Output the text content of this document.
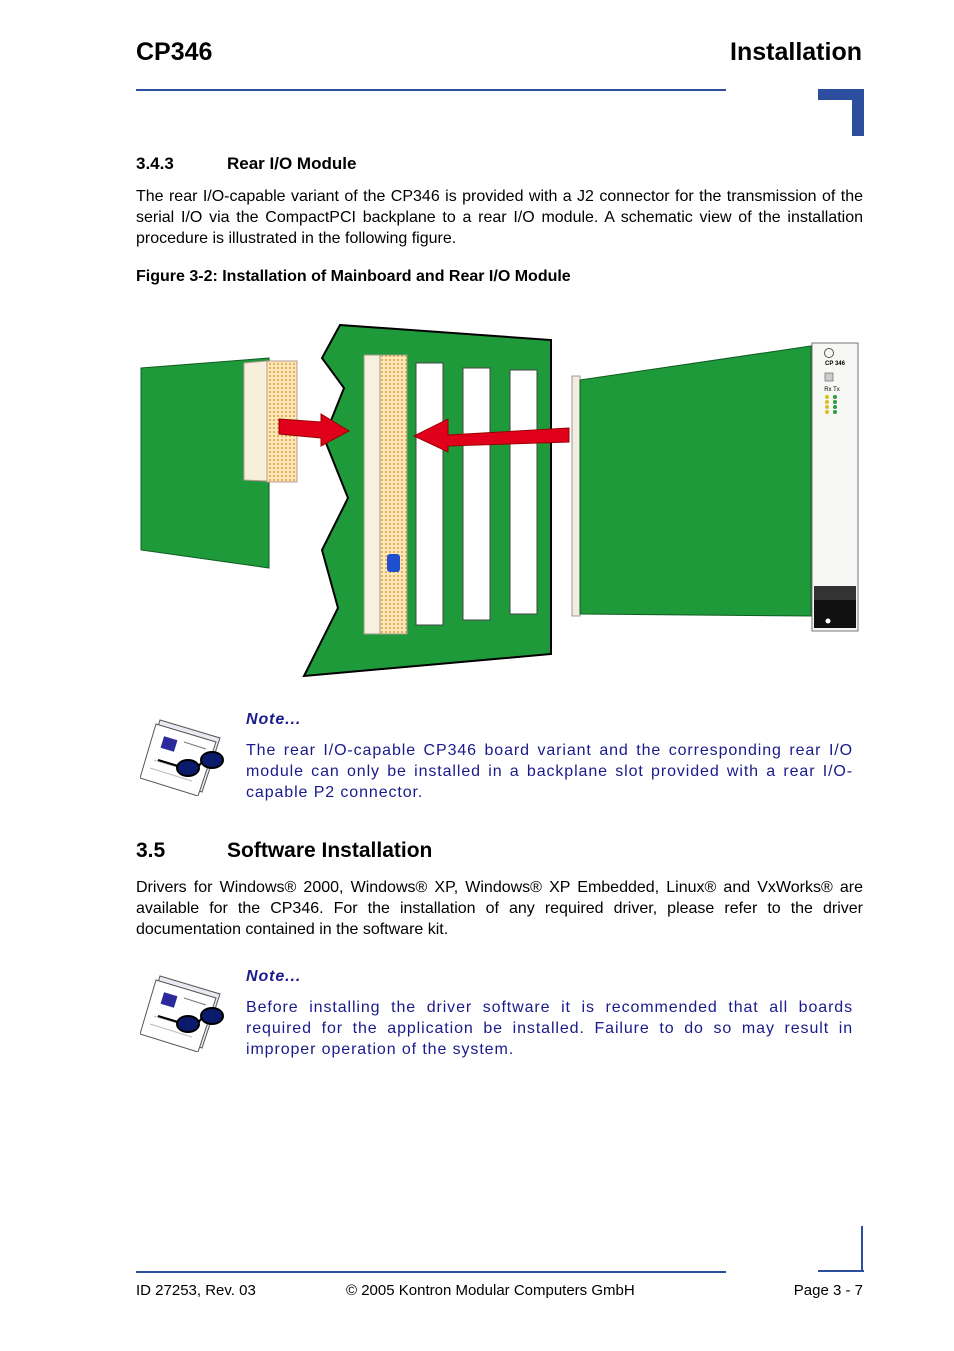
CP346	Installation
3.4.3	Rear I/O Module
The rear I/O-capable variant of the CP346 is provided with a J2 connector for the transmission of the serial I/O via the CompactPCI backplane to a rear I/O module. A schematic view of the installation procedure is illustrated in the following figure.
Figure 3-2: Installation of Mainboard and Rear I/O Module
CP 346
Rx Tx
Note...
The rear I/O-capable CP346 board variant and the corresponding rear I/O module can only be installed in a backplane slot provided with a rear I/O-capable P2 connector.
3.5	Software Installation
Drivers for Windows® 2000, Windows® XP, Windows® XP Embedded, Linux® and VxWorks® are available for the CP346. For the installation of any required driver, please refer to the driver documentation contained in the software kit.
Note...
Before installing the driver software it is recommended that all boards required for the application be installed. Failure to do so may result in improper operation of the system.
ID 27253, Rev. 03	© 2005 Kontron Modular Computers GmbH	Page 3 - 7
